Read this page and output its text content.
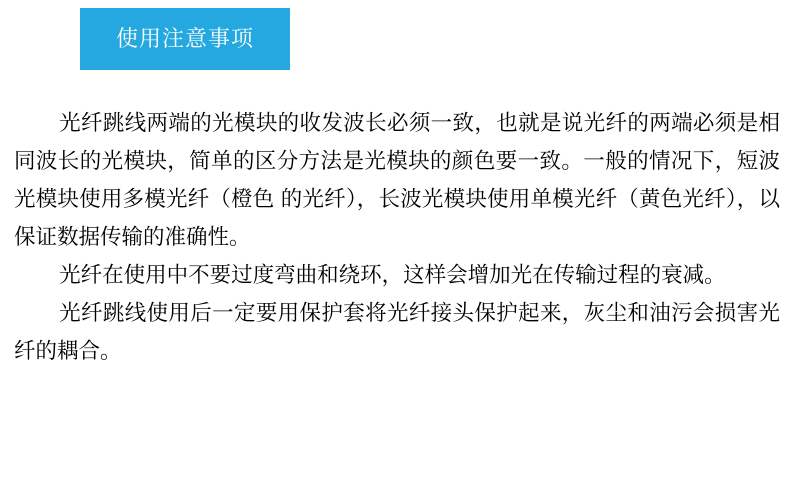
使用注意事项

光纤跳线两端的光模块的收发波长必须一致，也就是说光纤的两端必须是相同波长的光模块，简单的区分方法是光模块的颜色要一致。一般的情况下，短波光模块使用多模光纤（橙色 的光纤），长波光模块使用单模光纤（黄色光纤），以保证数据传输的准确性。

光纤在使用中不要过度弯曲和绕环，这样会增加光在传输过程的衰减。

光纤跳线使用后一定要用保护套将光纤接头保护起来，灰尘和油污会损害光纤的耦合。
